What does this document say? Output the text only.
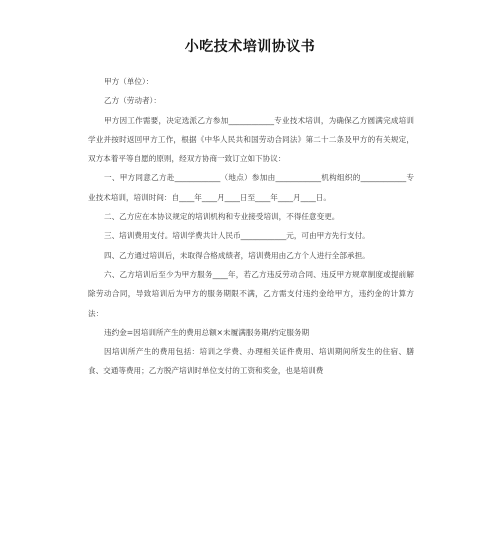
小吃技术培训协议书

甲方（单位）：

乙方（劳动者）：

甲方因工作需要，决定选派乙方参加____________专业技术培训，为确保乙方圆满完成培训学业并按时返回甲方工作，根据《中华人民共和国劳动合同法》第二十二条及甲方的有关规定，双方本着平等自愿的原则，经双方协商一致订立如下协议：

一、甲方同意乙方赴____________（地点）参加由____________机构组织的____________专业技术培训，培训时间：自____年____月____日至____年____月____日。

二、乙方应在本协议规定的培训机构和专业接受培训，不得任意变更。

三、培训费用支付。培训学费共计人民币____________元，可由甲方先行支付。

四、乙方通过培训后，未取得合格成绩者，培训费用由乙方个人进行全部承担。

六、乙方培训后至少为甲方服务____年，若乙方违反劳动合同、违反甲方规章制度或提前解除劳动合同，导致培训后为甲方的服务期限不满，乙方需支付违约金给甲方，违约金的计算方法：

违约金=因培训所产生的费用总额×未履满服务期/约定服务期

因培训所产生的费用包括：培训之学费、办理相关证件费用、培训期间所发生的住宿、膳食、交通等费用；乙方脱产培训时单位支付的工资和奖金，也是培训费
